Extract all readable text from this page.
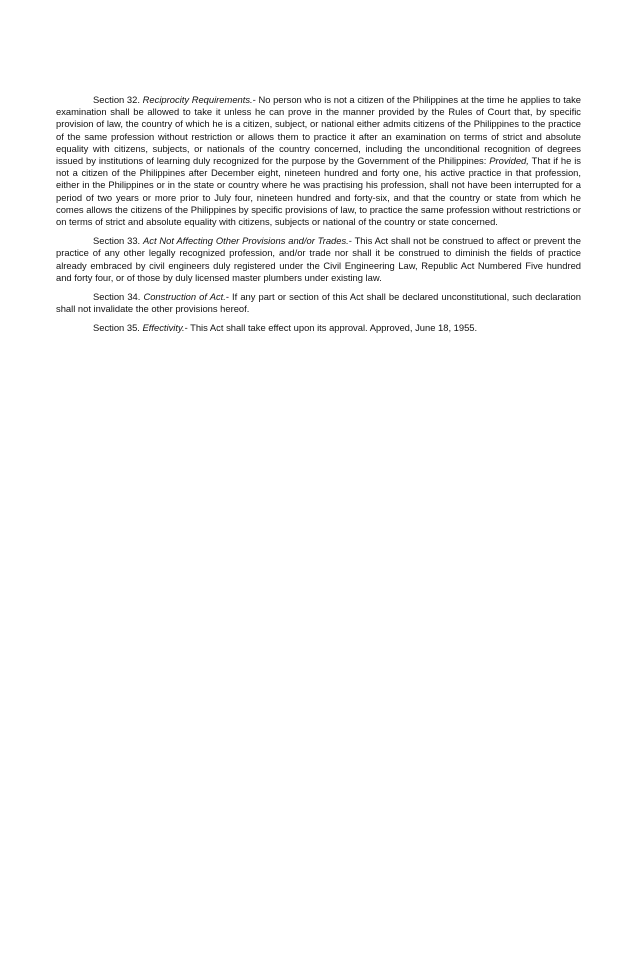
Section 32. Reciprocity Requirements.- No person who is not a citizen of the Philippines at the time he applies to take examination shall be allowed to take it unless he can prove in the manner provided by the Rules of Court that, by specific provision of law, the country of which he is a citizen, subject, or national either admits citizens of the Philippines to the practice of the same profession without restriction or allows them to practice it after an examination on terms of strict and absolute equality with citizens, subjects, or nationals of the country concerned, including the unconditional recognition of degrees issued by institutions of learning duly recognized for the purpose by the Government of the Philippines: Provided, That if he is not a citizen of the Philippines after December eight, nineteen hundred and forty one, his active practice in that profession, either in the Philippines or in the state or country where he was practising his profession, shall not have been interrupted for a period of two years or more prior to July four, nineteen hundred and forty-six, and that the country or state from which he comes allows the citizens of the Philippines by specific provisions of law, to practice the same profession without restrictions or on terms of strict and absolute equality with citizens, subjects or national of the country or state concerned.

Section 33. Act Not Affecting Other Provisions and/or Trades.- This Act shall not be construed to affect or prevent the practice of any other legally recognized profession, and/or trade nor shall it be construed to diminish the fields of practice already embraced by civil engineers duly registered under the Civil Engineering Law, Republic Act Numbered Five hundred and forty four, or of those by duly licensed master plumbers under existing law.

Section 34. Construction of Act.- If any part or section of this Act shall be declared unconstitutional, such declaration shall not invalidate the other provisions hereof.

Section 35. Effectivity.- This Act shall take effect upon its approval. Approved, June 18, 1955.
